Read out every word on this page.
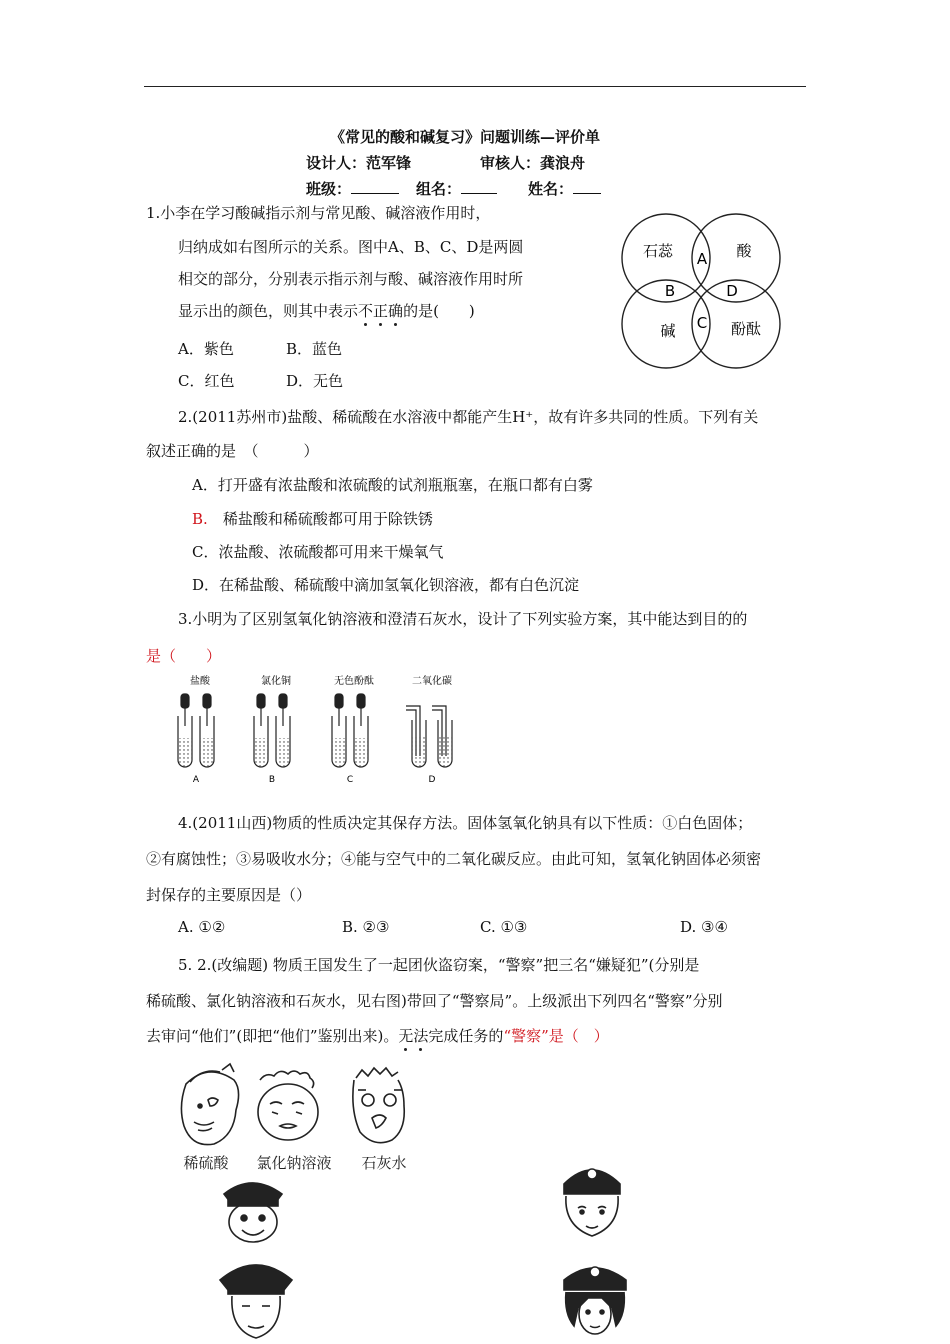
《常见的酸和碱复习》问题训练—评价单
设计人：范军锋	审核人：龚浪舟
班级：	组名：	姓名：
1.小李在学习酸碱指示剂与常见酸、碱溶液作用时，
归纳成如右图所示的关系。图中A、B、C、D是两圆
相交的部分，分别表示指示剂与酸、碱溶液作用时所
显示出的颜色，则其中表示不正确的是(　　)
A．紫色	B．蓝色
C．红色	D．无色
石蕊	酸
碱	酚酞
A
B
C
D
2.(2011苏州市)盐酸、稀硫酸在水溶液中都能产生H⁺，故有许多共同的性质。下列有关
叙述正确的是　（　　　）
A．打开盛有浓盐酸和浓硫酸的试剂瓶瓶塞，在瓶口都有白雾
B.　 稀盐酸和稀硫酸都可用于除铁锈
C．浓盐酸、浓硫酸都可用来干燥氧气
D．在稀盐酸、稀硫酸中滴加氢氧化钡溶液，都有白色沉淀
3.小明为了区别氢氧化钠溶液和澄清石灰水，设计了下列实验方案，其中能达到目的的
是（　　）
盐酸	氯化铜	无色酚酞	二氧化碳
A	B	C	D
4.(2011山西)物质的性质决定其保存方法。固体氢氧化钠具有以下性质：①白色固体；
②有腐蚀性；③易吸收水分；④能与空气中的二氧化碳反应。由此可知，氢氧化钠固体必须密
封保存的主要原因是（）
A. ①②	B. ②③	C. ①③	D. ③④
5. 2.(改编题) 物质王国发生了一起团伙盗窃案，“警察”把三名“嫌疑犯”(分别是
稀硫酸、氯化钠溶液和石灰水，见右图)带回了“警察局”。上级派出下列四名“警察”分别
去审问“他们”(即把“他们”鉴别出来)。无法完成任务的“警察”是（　）
稀硫酸 氯化钠溶液 石灰水
